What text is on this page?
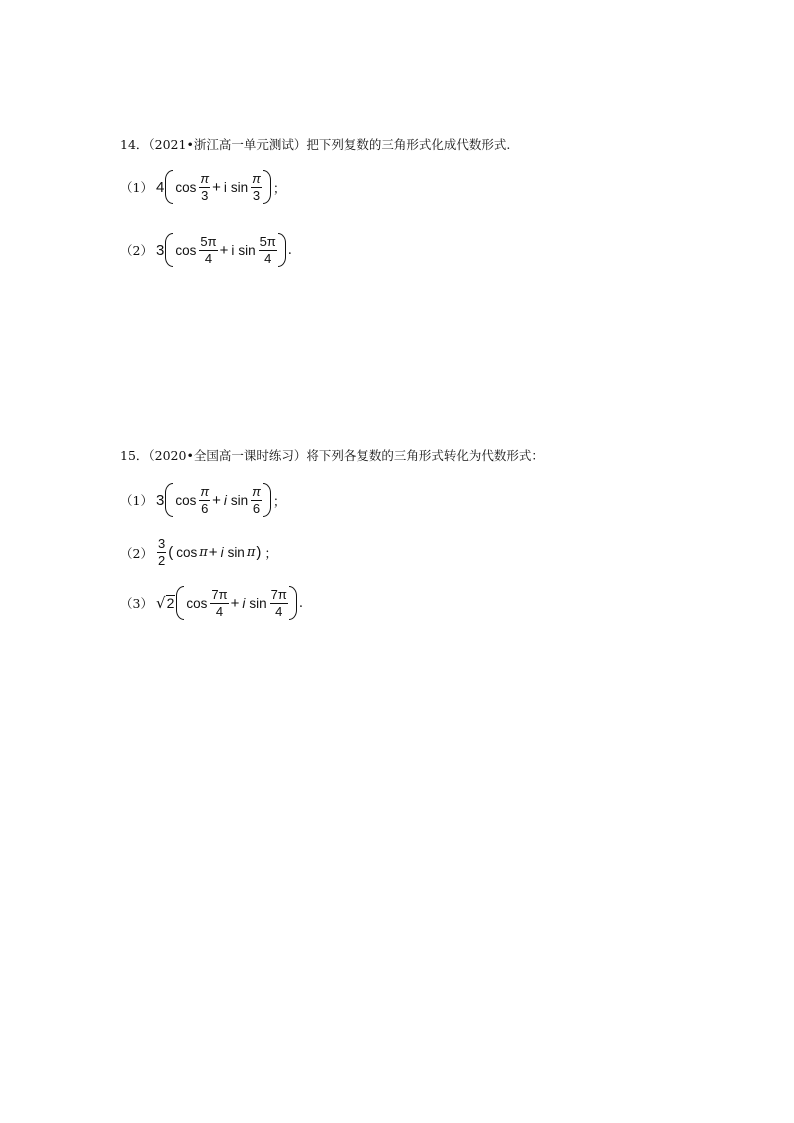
14．（2021•浙江高一单元测试）把下列复数的三角形式化成代数形式.
（1） 4 $\cos \frac{\pi}{3} + i$ $\sin \frac{\pi}{3}$ ；
（2） 3 $\cos \frac{5\pi}{4} + i$ $\sin \frac{5\pi}{4}$ .
15．（2020•全国高一课时练习）将下列各复数的三角形式转化为代数形式：
（1） 3 $\cos \frac{\pi}{6} + i$ $\sin \frac{\pi}{6}$ ；
$(2) \frac{3}{2}$ ( cos π + i sin π ) ；
（3） √ 2 $\cos \frac{7\pi}{4} + i$ $\sin \frac{7\pi}{4}$ .
